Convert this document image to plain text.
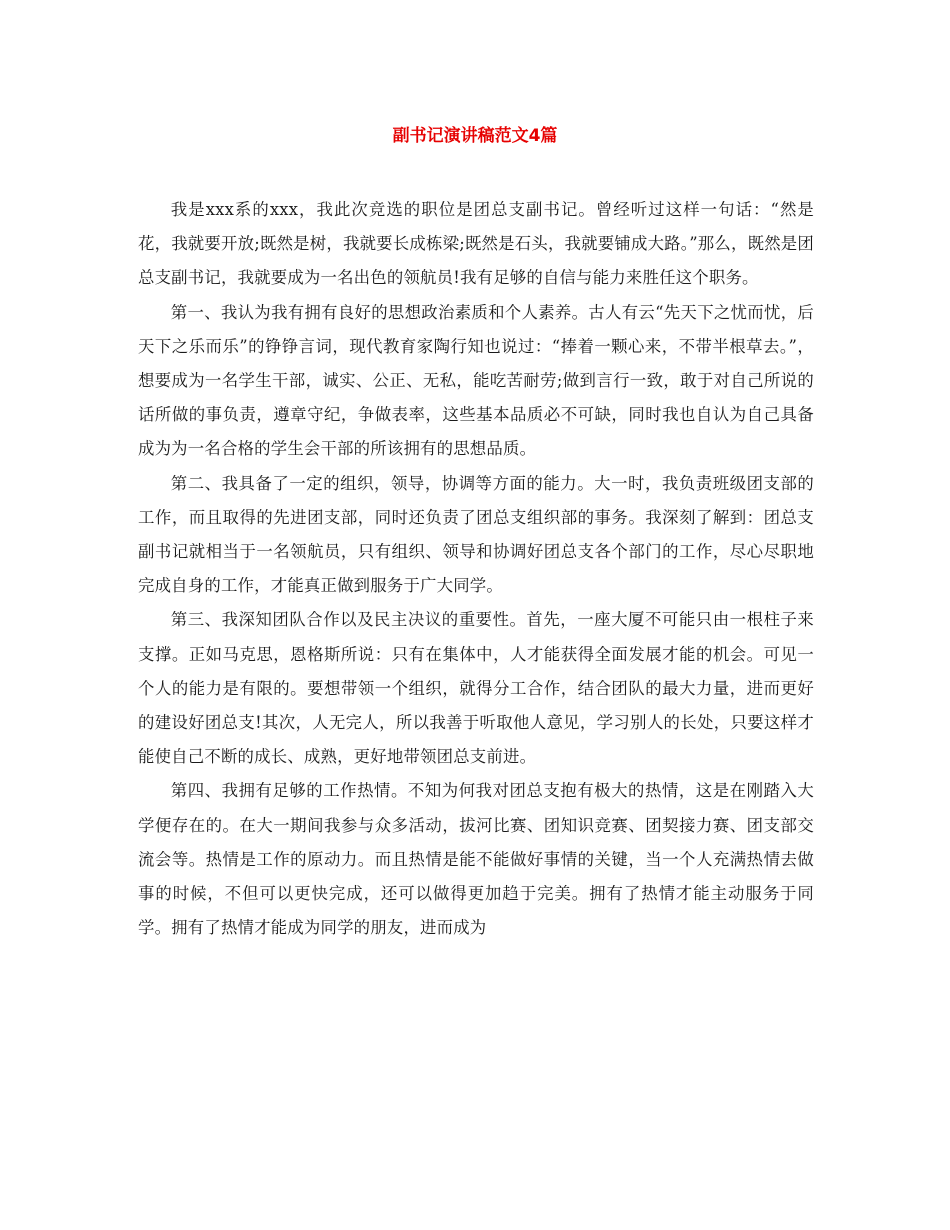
副书记演讲稿范文4篇

我是xxx系的xxx，我此次竞选的职位是团总支副书记。曾经听过这样一句话：“然是花，我就要开放;既然是树，我就要长成栋梁;既然是石头，我就要铺成大路。”那么，既然是团总支副书记，我就要成为一名出色的领航员!我有足够的自信与能力来胜任这个职务。

第一、我认为我有拥有良好的思想政治素质和个人素养。古人有云“先天下之忧而忧，后天下之乐而乐”的铮铮言词，现代教育家陶行知也说过：“捧着一颗心来，不带半根草去。”，想要成为一名学生干部，诚实、公正、无私，能吃苦耐劳;做到言行一致，敢于对自己所说的话所做的事负责，遵章守纪，争做表率，这些基本品质必不可缺，同时我也自认为自己具备成为为一名合格的学生会干部的所该拥有的思想品质。

第二、我具备了一定的组织，领导，协调等方面的能力。大一时，我负责班级团支部的工作，而且取得的先进团支部，同时还负责了团总支组织部的事务。我深刻了解到：团总支副书记就相当于一名领航员，只有组织、领导和协调好团总支各个部门的工作，尽心尽职地完成自身的工作，才能真正做到服务于广大同学。

第三、我深知团队合作以及民主决议的重要性。首先，一座大厦不可能只由一根柱子来支撑。正如马克思，恩格斯所说：只有在集体中，人才能获得全面发展才能的机会。可见一个人的能力是有限的。要想带领一个组织，就得分工合作，结合团队的最大力量，进而更好的建设好团总支!其次，人无完人，所以我善于听取他人意见，学习别人的长处，只要这样才能使自己不断的成长、成熟，更好地带领团总支前进。

第四、我拥有足够的工作热情。不知为何我对团总支抱有极大的热情，这是在刚踏入大学便存在的。在大一期间我参与众多活动，拔河比赛、团知识竞赛、团契接力赛、团支部交流会等。热情是工作的原动力。而且热情是能不能做好事情的关键，当一个人充满热情去做事的时候，不但可以更快完成，还可以做得更加趋于完美。拥有了热情才能主动服务于同学。拥有了热情才能成为同学的朋友，进而成为
